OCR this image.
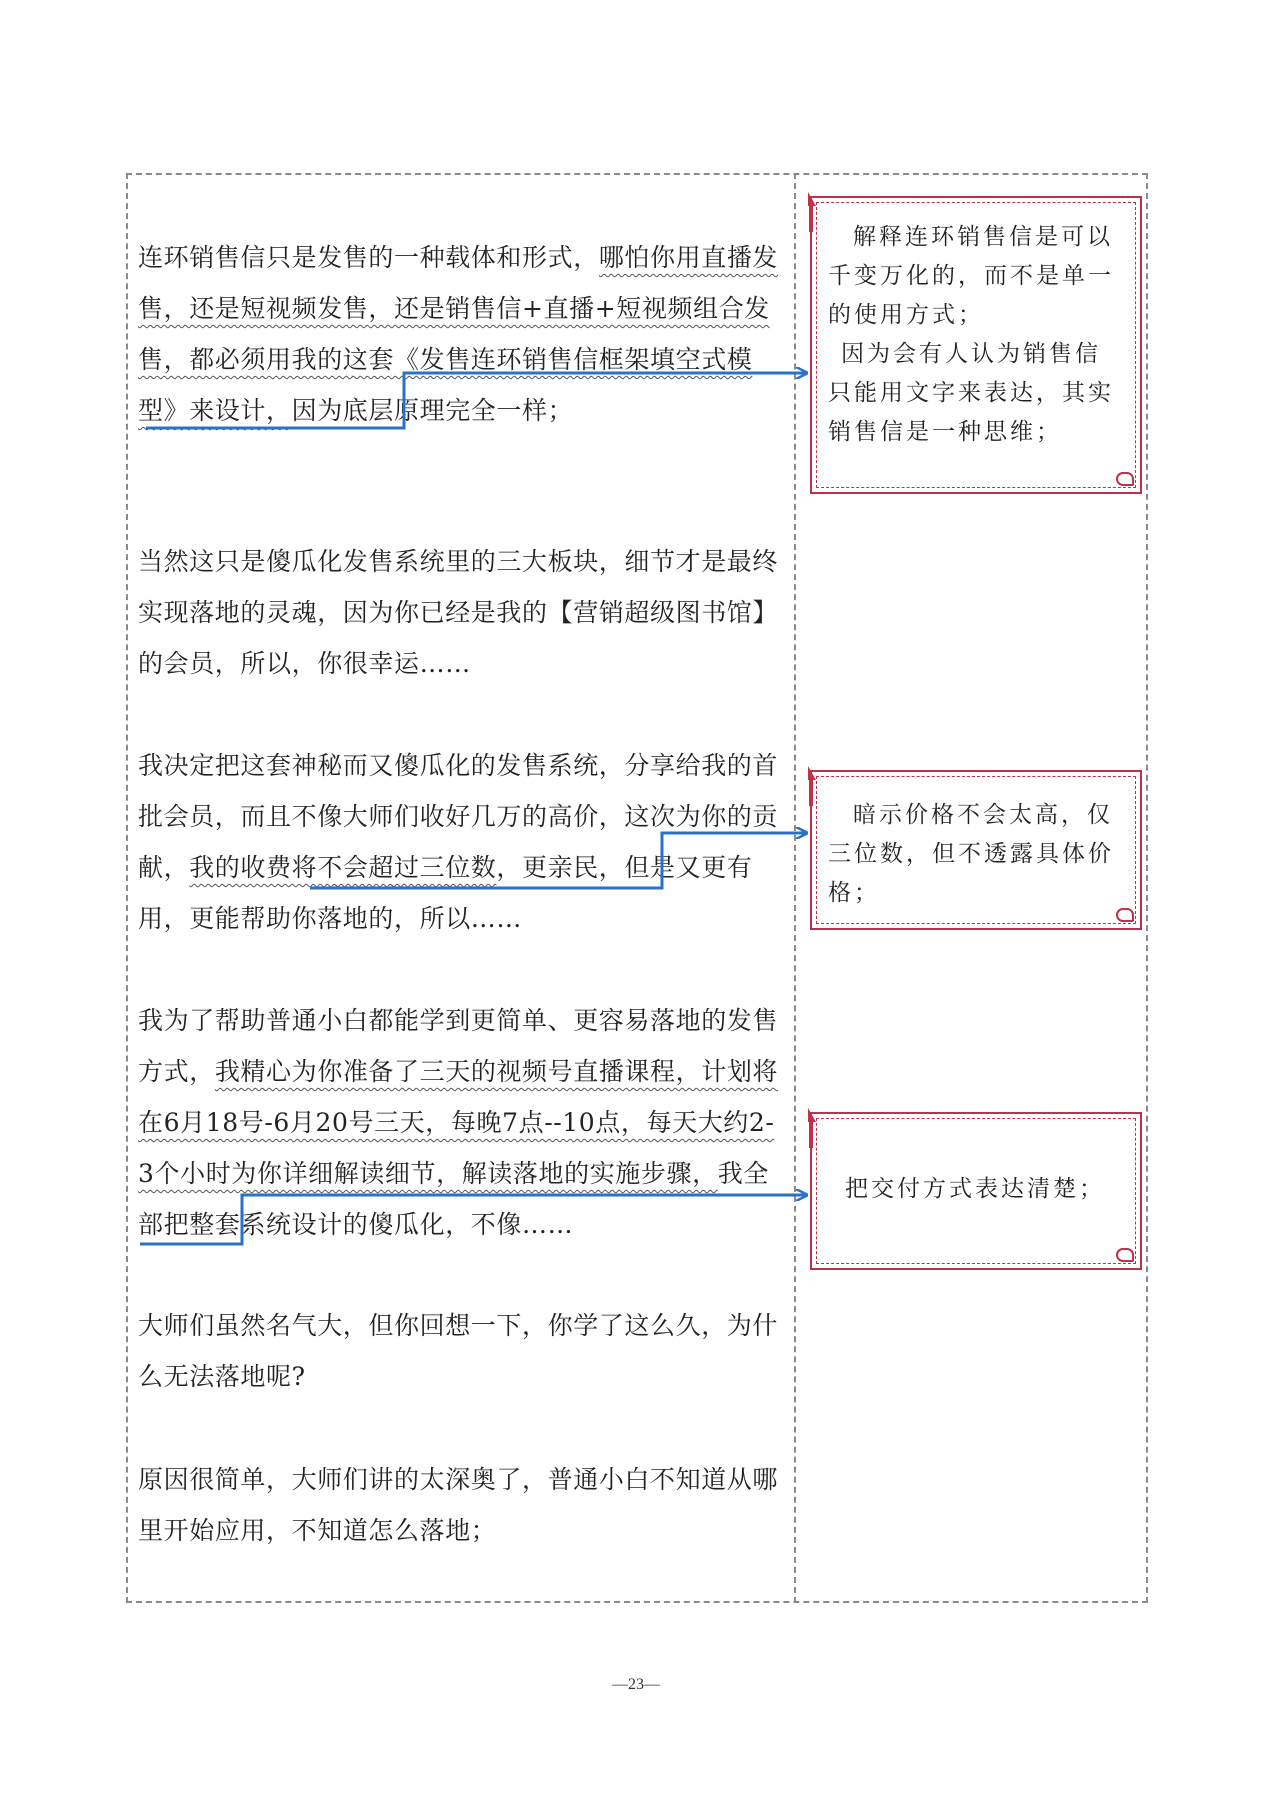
连环销售信只是发售的一种载体和形式，哪怕你用直播发售，还是短视频发售，还是销售信+直播+短视频组合发售，都必须用我的这套《发售连环销售信框架填空式模型》来设计，因为底层原理完全一样；

当然这只是傻瓜化发售系统里的三大板块，细节才是最终实现落地的灵魂，因为你已经是我的【营销超级图书馆】的会员，所以，你很幸运……

我决定把这套神秘而又傻瓜化的发售系统，分享给我的首批会员，而且不像大师们收好几万的高价，这次为你的贡献，我的收费将不会超过三位数，更亲民，但是又更有用，更能帮助你落地的，所以……

我为了帮助普通小白都能学到更简单、更容易落地的发售方式，我精心为你准备了三天的视频号直播课程，计划将在6月18号-6月20号三天，每晚7点--10点，每天大约2-3个小时为你详细解读细节，解读落地的实施步骤，我全部把整套系统设计的傻瓜化，不像……

大师们虽然名气大，但你回想一下，你学了这么久，为什么无法落地呢?

原因很简单，大师们讲的太深奥了，普通小白不知道从哪里开始应用，不知道怎么落地；

解释连环销售信是可以千变万化的，而不是单一的使用方式；

因为会有人认为销售信只能用文字来表达，其实销售信是一种思维；

暗示价格不会太高，仅三位数，但不透露具体价格；

把交付方式表达清楚；

—23—
